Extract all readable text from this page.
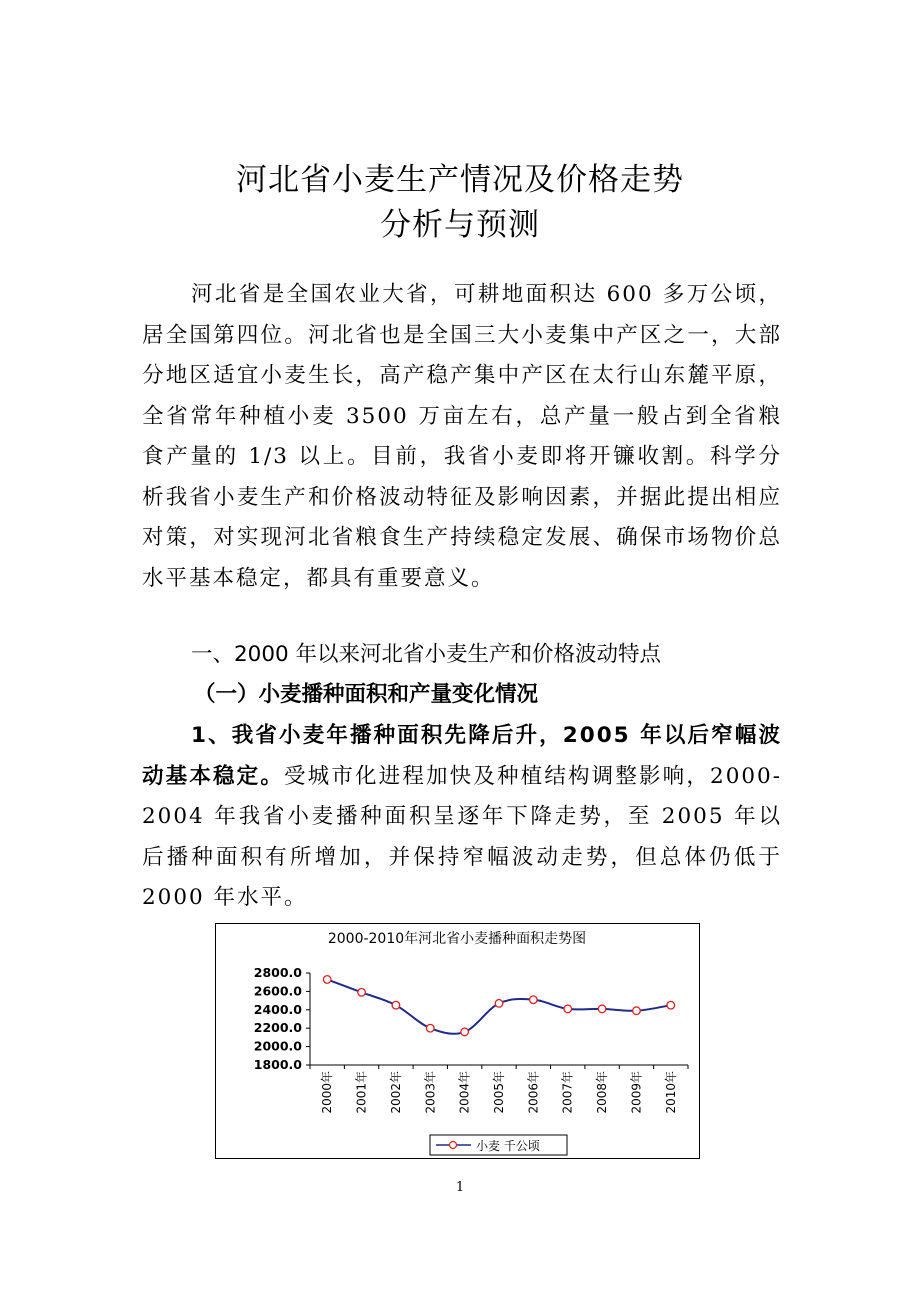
河北省小麦生产情况及价格走势
分析与预测
河北省是全国农业大省，可耕地面积达 600 多万公顷，居全国第四位。河北省也是全国三大小麦集中产区之一，大部分地区适宜小麦生长，高产稳产集中产区在太行山东麓平原，全省常年种植小麦 3500 万亩左右，总产量一般占到全省粮食产量的 1/3 以上。目前，我省小麦即将开镰收割。科学分析我省小麦生产和价格波动特征及影响因素，并据此提出相应对策，对实现河北省粮食生产持续稳定发展、确保市场物价总水平基本稳定，都具有重要意义。
一、2000 年以来河北省小麦生产和价格波动特点
（一）小麦播种面积和产量变化情况
1、我省小麦年播种面积先降后升，2005 年以后窄幅波动基本稳定。受城市化进程加快及种植结构调整影响，2000-2004 年我省小麦播种面积呈逐年下降走势，至 2005 年以后播种面积有所增加，并保持窄幅波动走势，但总体仍低于 2000 年水平。
2000-2010年河北省小麦播种面积走势图
2800.0
2600.0
2400.0
2200.0
2000.0
1800.0
2000年 2001年 2002年 2003年 2004年 2005年 2006年 2007年 2008年 2009年 2010年
小麦 千公顷
1
